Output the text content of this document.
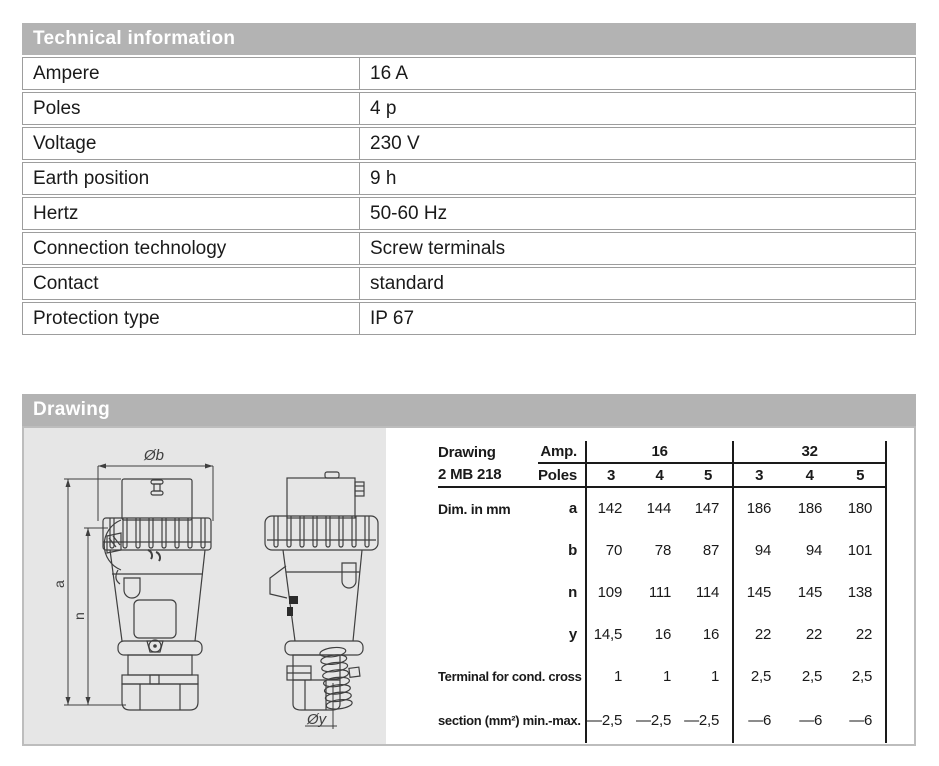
Technical information
Ampere	16 A
Poles	4 p
Voltage	230 V
Earth position	9 h
Hertz	50-60 Hz
Connection technology	Screw terminals
Contact	standard
Protection type	IP 67
Drawing
Øb
a
n
Øy
Drawing	Amp.	16			32		
2 MB 218	Poles	3	4	5	3	4	5
Dim. in mm	a	142	144	147	186	186	180
	b	70	78	87	94	94	101
	n	109	111	114	145	145	138
	y	14,5	16	16	22	22	22
Terminal for cond. cross		1	1	1	2,5	2,5	2,5
section (mm²) min.-max.		—2,5	—2,5	—2,5	—6	—6	—6
